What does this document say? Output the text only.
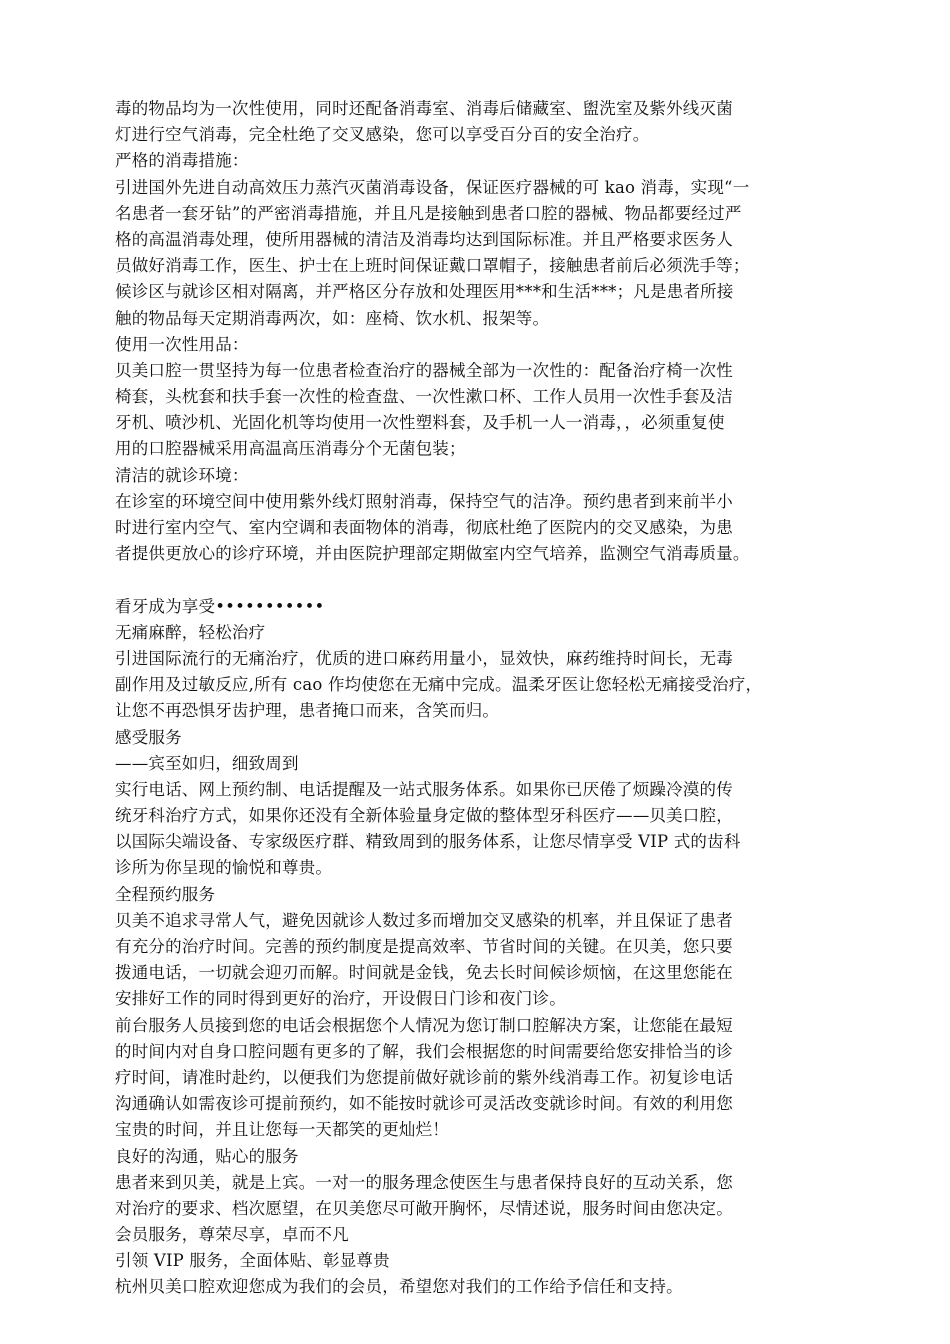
毒的物品均为一次性使用，同时还配备消毒室、消毒后储藏室、盥洗室及紫外线灭菌
灯进行空气消毒，完全杜绝了交叉感染，您可以享受百分百的安全治疗。
严格的消毒措施：
引进国外先进自动高效压力蒸汽灭菌消毒设备，保证医疗器械的可 kao 消毒，实现“一
名患者一套牙钻”的严密消毒措施，并且凡是接触到患者口腔的器械、物品都要经过严
格的高温消毒处理，使所用器械的清洁及消毒均达到国际标准。并且严格要求医务人
员做好消毒工作，医生、护士在上班时间保证戴口罩帽子，接触患者前后必须洗手等；
候诊区与就诊区相对隔离，并严格区分存放和处理医用***和生活***；凡是患者所接
触的物品每天定期消毒两次，如：座椅、饮水机、报架等。
使用一次性用品：
贝美口腔一贯坚持为每一位患者检查治疗的器械全部为一次性的：配备治疗椅一次性
椅套，头枕套和扶手套一次性的检查盘、一次性漱口杯、工作人员用一次性手套及洁
牙机、喷沙机、光固化机等均使用一次性塑料套，及手机一人一消毒，，必须重复使
用的口腔器械采用高温高压消毒分个无菌包装；
清洁的就诊环境：
在诊室的环境空间中使用紫外线灯照射消毒，保持空气的洁净。预约患者到来前半小
时进行室内空气、室内空调和表面物体的消毒，彻底杜绝了医院内的交叉感染，为患
者提供更放心的诊疗环境，并由医院护理部定期做室内空气培养，监测空气消毒质量。
看牙成为享受•••••••••••
无痛麻醉，轻松治疗
引进国际流行的无痛治疗，优质的进口麻药用量小，显效快，麻药维持时间长，无毒
副作用及过敏反应,所有 cao 作均使您在无痛中完成。温柔牙医让您轻松无痛接受治疗，
让您不再恐惧牙齿护理，患者掩口而来，含笑而归。
感受服务
——宾至如归，细致周到
实行电话、网上预约制、电话提醒及一站式服务体系。如果你已厌倦了烦躁冷漠的传
统牙科治疗方式，如果你还没有全新体验量身定做的整体型牙科医疗——贝美口腔，
以国际尖端设备、专家级医疗群、精致周到的服务体系，让您尽情享受 VIP 式的齿科
诊所为你呈现的愉悦和尊贵。
全程预约服务
贝美不追求寻常人气，避免因就诊人数过多而增加交叉感染的机率，并且保证了患者
有充分的治疗时间。完善的预约制度是提高效率、节省时间的关键。在贝美，您只要
拨通电话，一切就会迎刃而解。时间就是金钱，免去长时间候诊烦恼，在这里您能在
安排好工作的同时得到更好的治疗，开设假日门诊和夜门诊。
前台服务人员接到您的电话会根据您个人情况为您订制口腔解决方案，让您能在最短
的时间内对自身口腔问题有更多的了解，我们会根据您的时间需要给您安排恰当的诊
疗时间，请准时赴约，以便我们为您提前做好就诊前的紫外线消毒工作。初复诊电话
沟通确认如需夜诊可提前预约，如不能按时就诊可灵活改变就诊时间。有效的利用您
宝贵的时间，并且让您每一天都笑的更灿烂！
良好的沟通，贴心的服务
患者来到贝美，就是上宾。一对一的服务理念使医生与患者保持良好的互动关系，您
对治疗的要求、档次愿望，在贝美您尽可敞开胸怀，尽情述说，服务时间由您决定。
会员服务，尊荣尽享，卓而不凡
引领 VIP 服务，全面体贴、彰显尊贵
杭州贝美口腔欢迎您成为我们的会员，希望您对我们的工作给予信任和支持。
